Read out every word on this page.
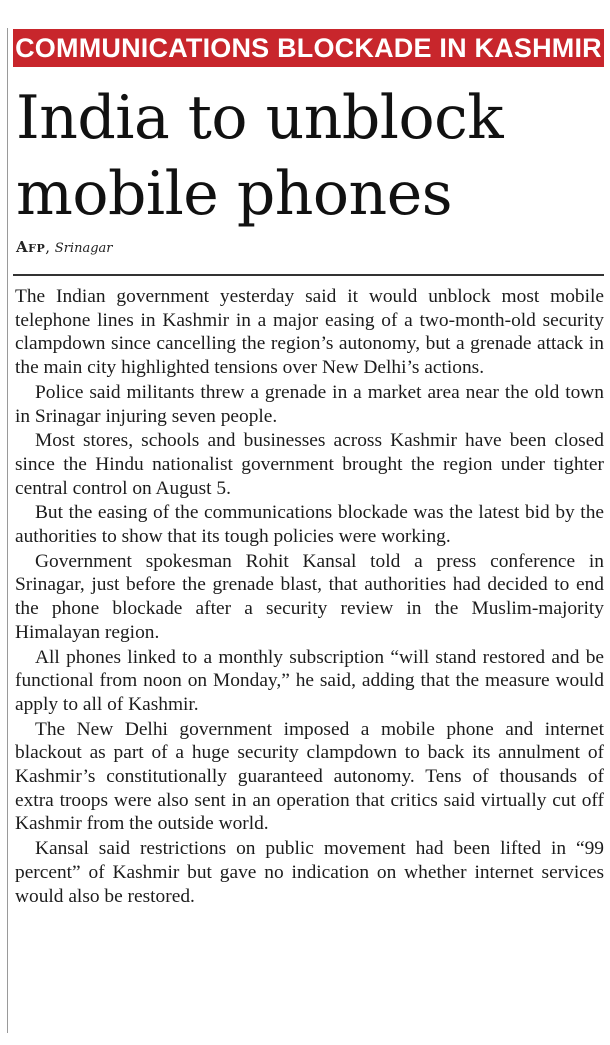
COMMUNICATIONS BLOCKADE IN KASHMIR
India to unblock
mobile phones
Afp, Srinagar

The Indian government yesterday said it would unblock most mobile telephone lines in Kashmir in a major easing of a two-month-old security clampdown since cancelling the region’s autonomy, but a grenade attack in the main city highlighted tensions over New Delhi’s actions.

Police said militants threw a grenade in a market area near the old town in Srinagar injuring seven people.

Most stores, schools and businesses across Kashmir have been closed since the Hindu nationalist government brought the region under tighter central control on August 5.

But the easing of the communications blockade was the latest bid by the authorities to show that its tough policies were working.

Government spokesman Rohit Kansal told a press conference in Srinagar, just before the grenade blast, that authorities had decided to end the phone blockade after a security review in the Muslim-majority Himalayan region.

All phones linked to a monthly subscription “will stand restored and be functional from noon on Monday,” he said, adding that the measure would apply to all of Kashmir.

The New Delhi government imposed a mobile phone and internet blackout as part of a huge security clampdown to back its annulment of Kashmir’s constitutionally guaranteed autonomy. Tens of thousands of extra troops were also sent in an operation that critics said virtually cut off Kashmir from the outside world.

Kansal said restrictions on public movement had been lifted in “99 percent” of Kashmir but gave no indication on whether internet services would also be restored.
